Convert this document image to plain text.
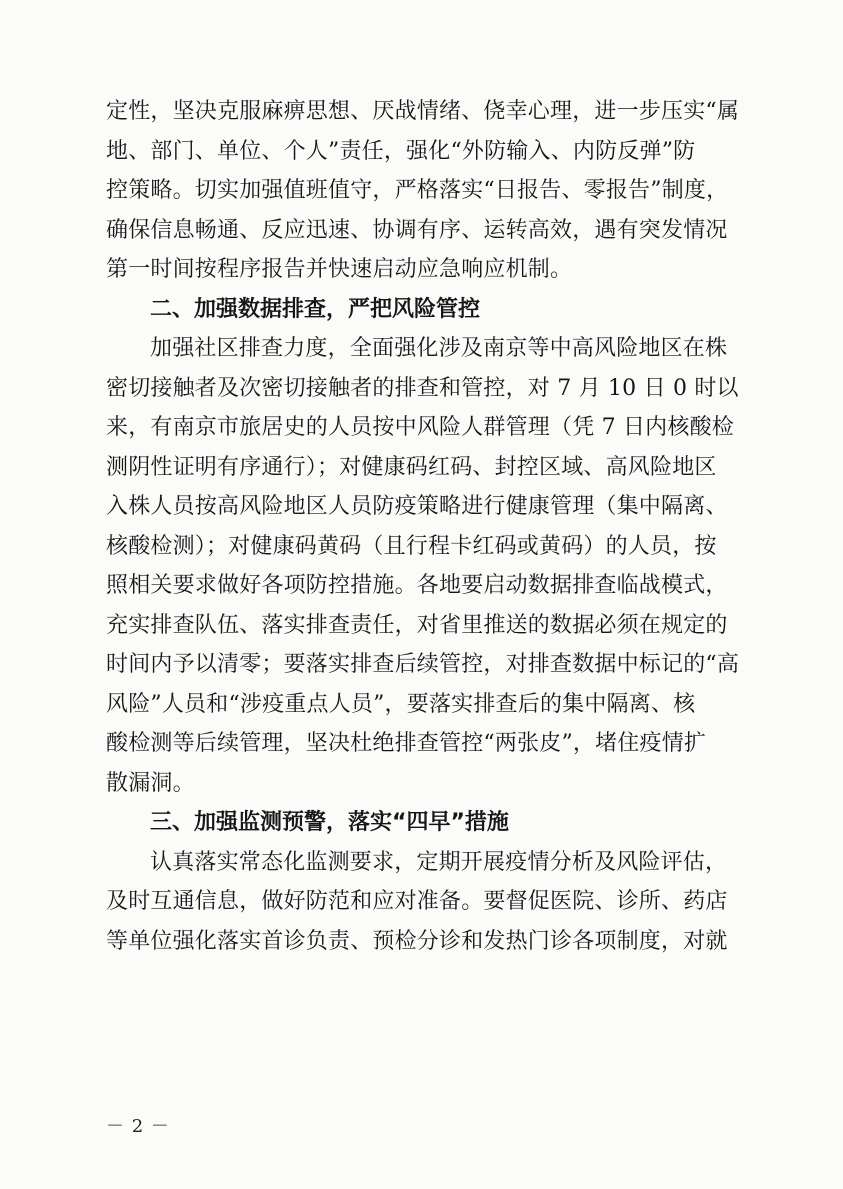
定性，坚决克服麻痹思想、厌战情绪、侥幸心理，进一步压实“属
地、部门、单位、个人”责任，强化“外防输入、内防反弹”防
控策略。切实加强值班值守，严格落实“日报告、零报告”制度，
确保信息畅通、反应迅速、协调有序、运转高效，遇有突发情况
第一时间按程序报告并快速启动应急响应机制。
二、加强数据排查，严把风险管控
加强社区排查力度，全面强化涉及南京等中高风险地区在株
密切接触者及次密切接触者的排查和管控，对 7 月 10 日 0 时以
来，有南京市旅居史的人员按中风险人群管理（凭 7 日内核酸检
测阴性证明有序通行）；对健康码红码、封控区域、高风险地区
入株人员按高风险地区人员防疫策略进行健康管理（集中隔离、
核酸检测）；对健康码黄码（且行程卡红码或黄码）的人员，按
照相关要求做好各项防控措施。各地要启动数据排查临战模式，
充实排查队伍、落实排查责任，对省里推送的数据必须在规定的
时间内予以清零；要落实排查后续管控，对排查数据中标记的“高
风险”人员和“涉疫重点人员”，要落实排查后的集中隔离、核
酸检测等后续管理，坚决杜绝排查管控“两张皮”，堵住疫情扩
散漏洞。
三、加强监测预警，落实“四早”措施
认真落实常态化监测要求，定期开展疫情分析及风险评估，
及时互通信息，做好防范和应对准备。要督促医院、诊所、药店
等单位强化落实首诊负责、预检分诊和发热门诊各项制度，对就
－ 2 －
